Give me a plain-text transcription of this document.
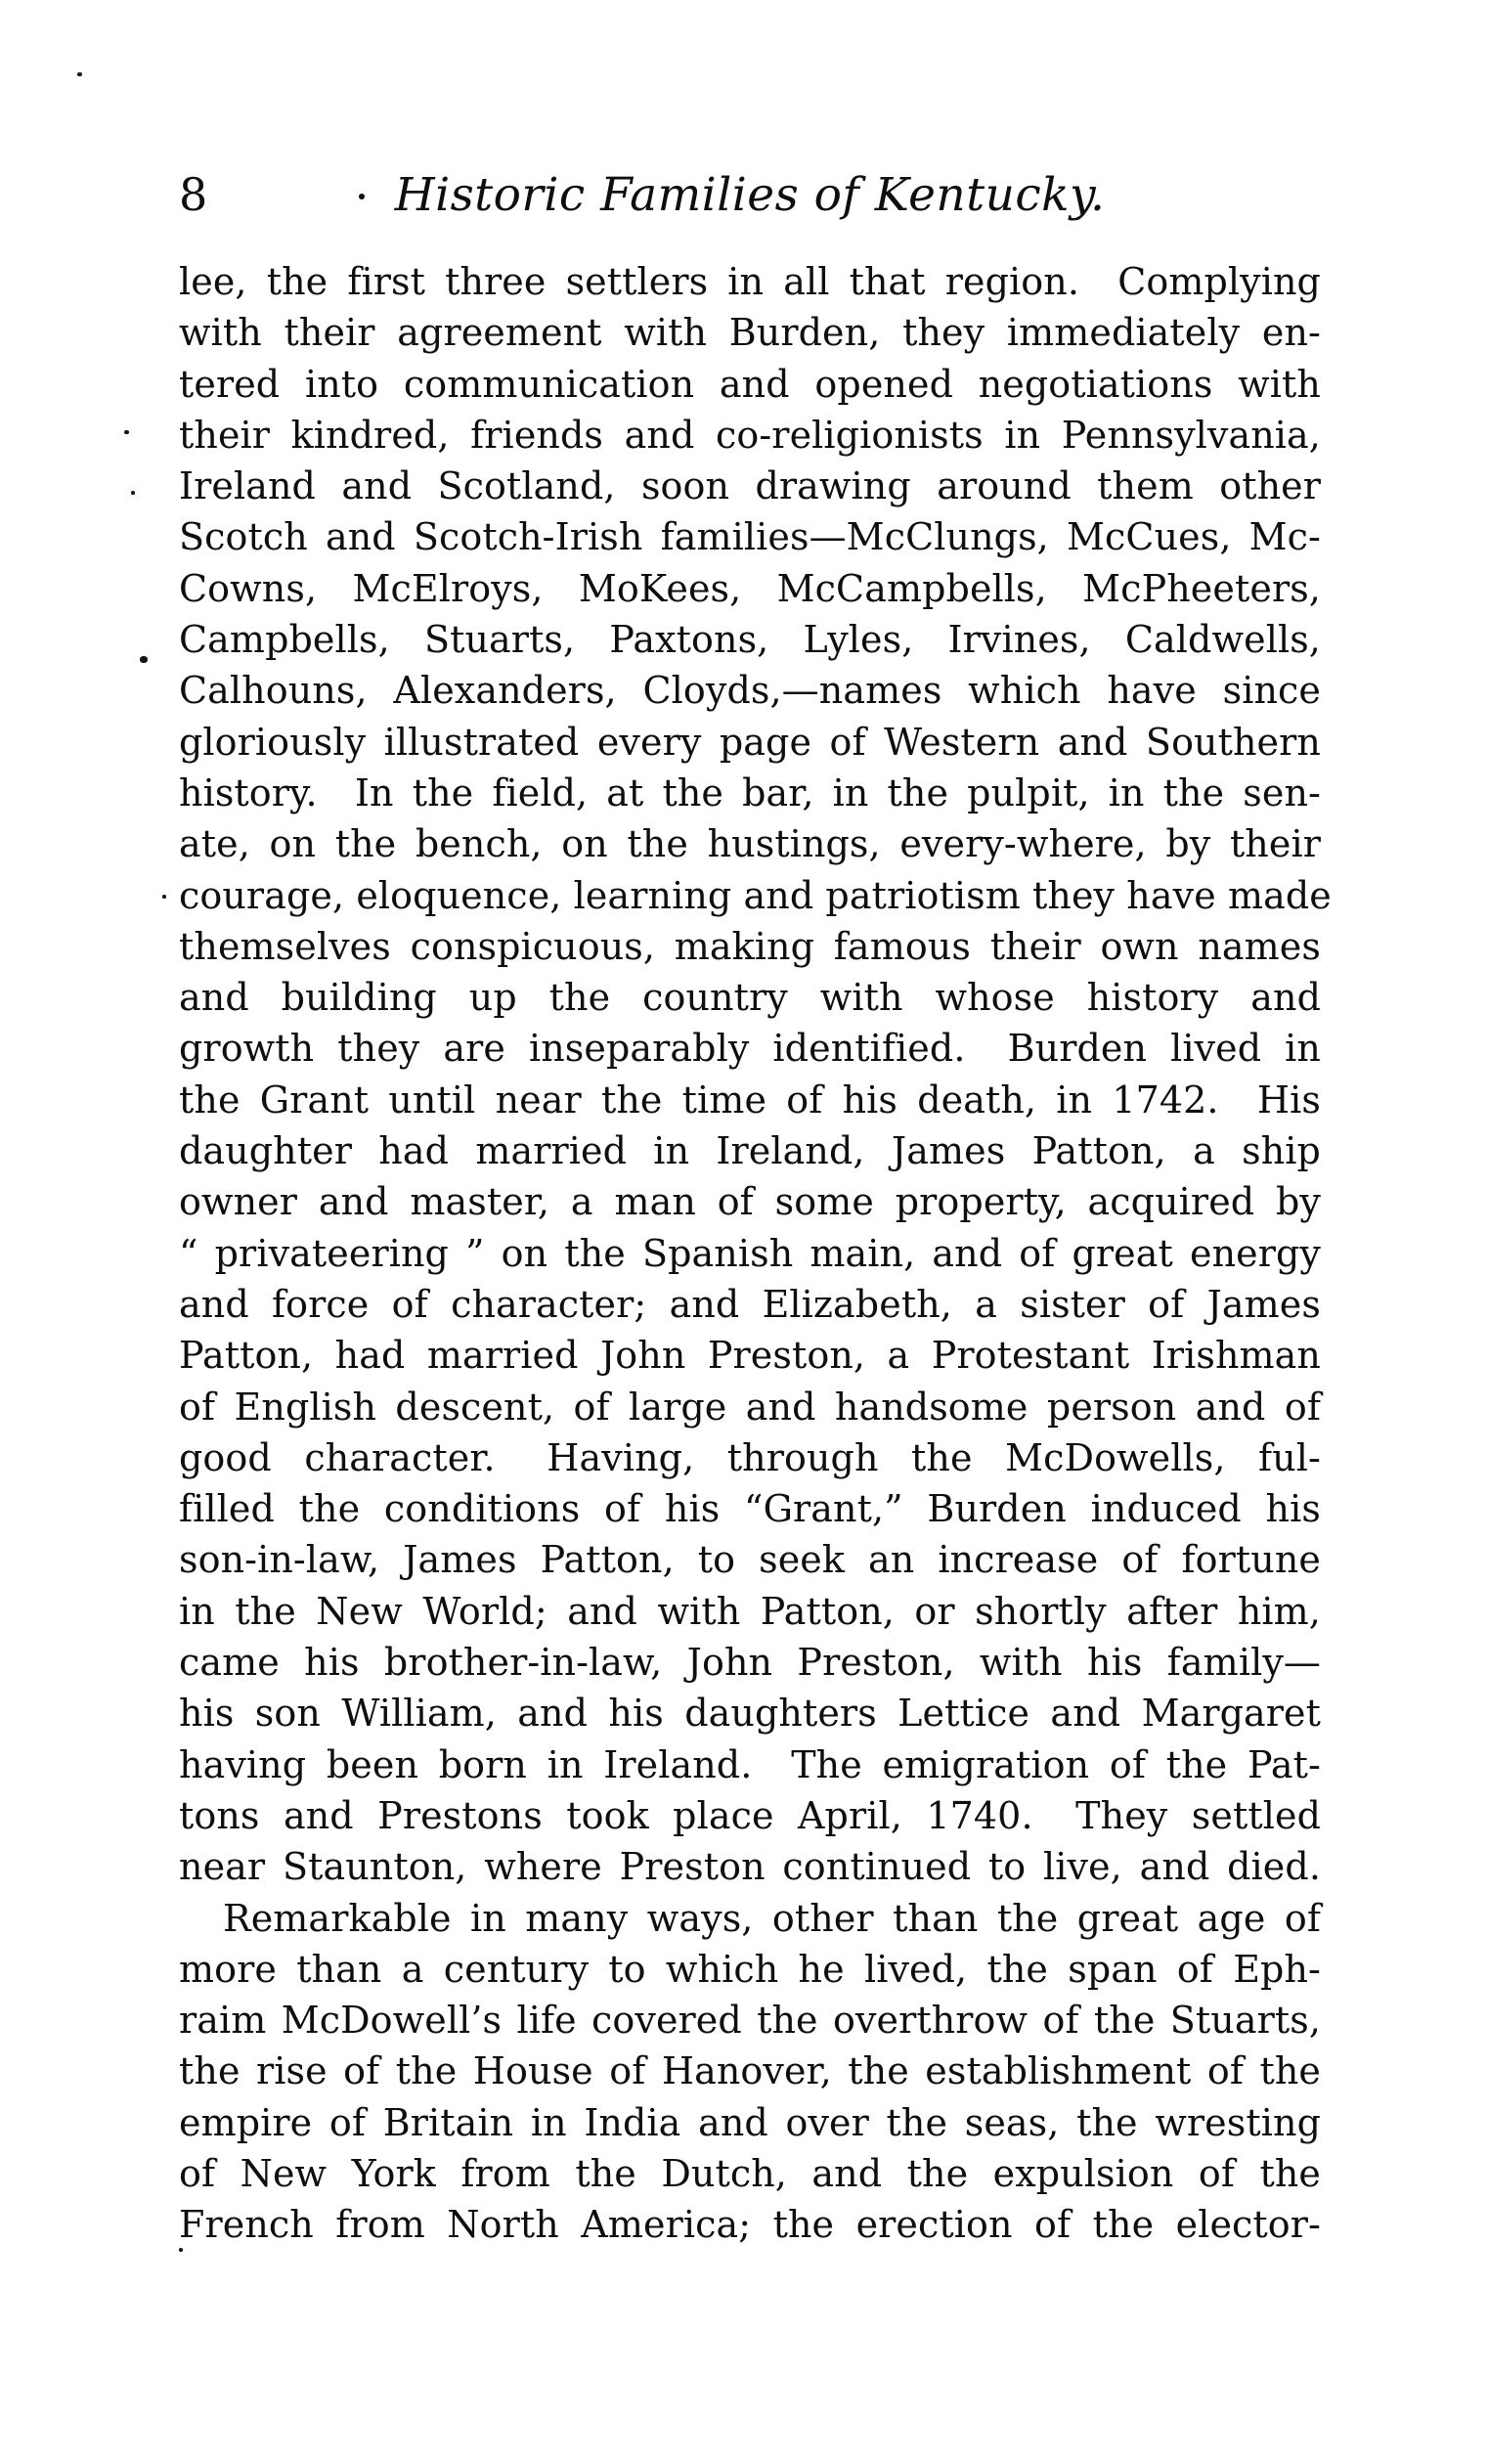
8	Historic Families of Kentucky.
lee, the first three settlers in all that region.  Complying
with their agreement with Burden, they immediately en-
tered into communication and opened negotiations with
their kindred, friends and co-religionists in Pennsylvania,
Ireland and Scotland, soon drawing around them other
Scotch and Scotch-Irish families—McClungs, McCues, Mc-
Cowns, McElroys, MoKees, McCampbells, McPheeters,
Campbells, Stuarts, Paxtons, Lyles, Irvines, Caldwells,
Calhouns, Alexanders, Cloyds,—names which have since
gloriously illustrated every page of Western and Southern
history.  In the field, at the bar, in the pulpit, in the sen-
ate, on the bench, on the hustings, every-where, by their
courage, eloquence, learning and patriotism they have made
themselves conspicuous, making famous their own names
and building up the country with whose history and
growth they are inseparably identified.  Burden lived in
the Grant until near the time of his death, in 1742.  His
daughter had married in Ireland, James Patton, a ship
owner and master, a man of some property, acquired by
“ privateering ” on the Spanish main, and of great energy
and force of character; and Elizabeth, a sister of James
Patton, had married John Preston, a Protestant Irishman
of English descent, of large and handsome person and of
good character.  Having, through the McDowells, ful-
filled the conditions of his “Grant,” Burden induced his
son-in-law, James Patton, to seek an increase of fortune
in the New World; and with Patton, or shortly after him,
came his brother-in-law, John Preston, with his family—
his son William, and his daughters Lettice and Margaret
having been born in Ireland.  The emigration of the Pat-
tons and Prestons took place April, 1740.  They settled
near Staunton, where Preston continued to live, and died.
Remarkable in many ways, other than the great age of
more than a century to which he lived, the span of Eph-
raim McDowell’s life covered the overthrow of the Stuarts,
the rise of the House of Hanover, the establishment of the
empire of Britain in India and over the seas, the wresting
of New York from the Dutch, and the expulsion of the
French from North America; the erection of the elector-
